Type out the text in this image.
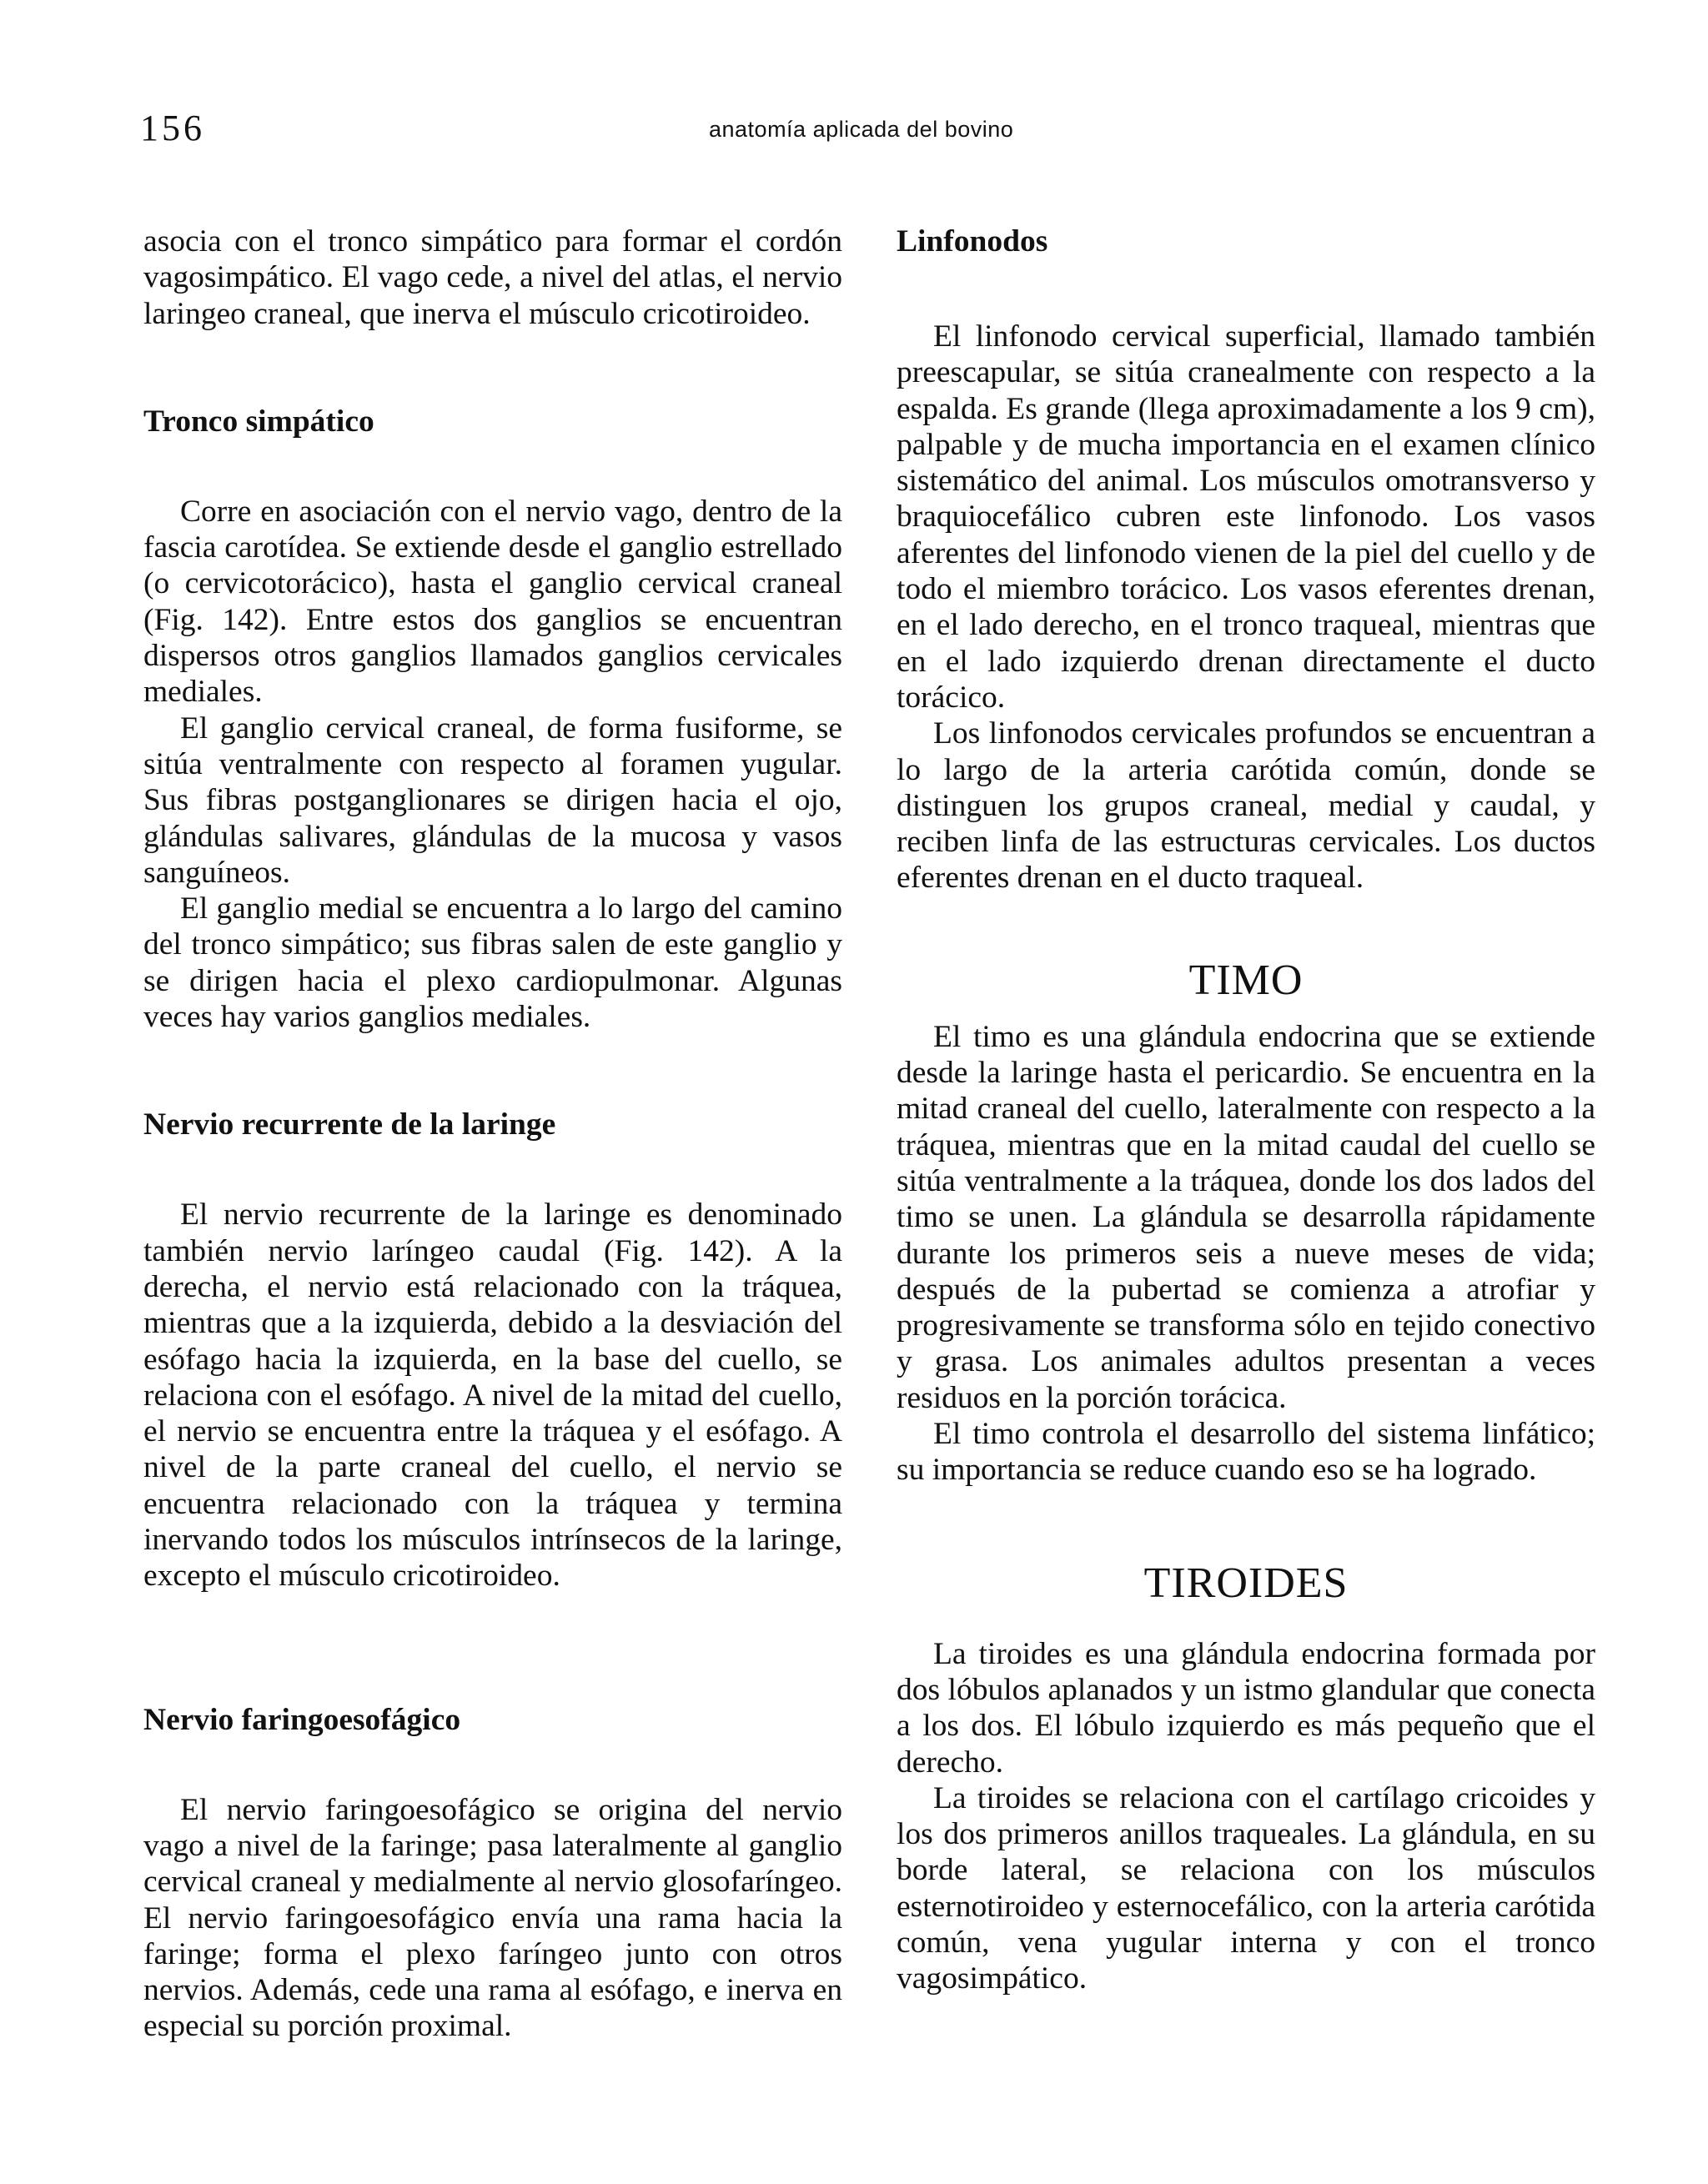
156	anatomía aplicada del bovino

asocia con el tronco simpático para formar el cordón vagosimpático. El vago cede, a nivel del atlas, el nervio laringeo craneal, que inerva el músculo cricotiroideo.

Tronco simpático

Corre en asociación con el nervio vago, dentro de la fascia carotídea. Se extiende desde el ganglio estrellado (o cervicotorácico), hasta el ganglio cervical craneal (Fig. 142). Entre estos dos ganglios se encuentran dispersos otros ganglios llamados ganglios cervicales mediales.

El ganglio cervical craneal, de forma fusiforme, se sitúa ventralmente con respecto al foramen yugular. Sus fibras postganglionares se dirigen hacia el ojo, glándulas salivares, glándulas de la mucosa y vasos sanguíneos.

El ganglio medial se encuentra a lo largo del camino del tronco simpático; sus fibras salen de este ganglio y se dirigen hacia el plexo cardiopulmonar. Algunas veces hay varios ganglios mediales.

Nervio recurrente de la laringe

El nervio recurrente de la laringe es denominado también nervio laríngeo caudal (Fig. 142). A la derecha, el nervio está relacionado con la tráquea, mientras que a la izquierda, debido a la desviación del esófago hacia la izquierda, en la base del cuello, se relaciona con el esófago. A nivel de la mitad del cuello, el nervio se encuentra entre la tráquea y el esófago. A nivel de la parte craneal del cuello, el nervio se encuentra relacionado con la tráquea y termina inervando todos los músculos intrínsecos de la laringe, excepto el músculo cricotiroideo.

Nervio faringoesofágico

El nervio faringoesofágico se origina del nervio vago a nivel de la faringe; pasa lateralmente al ganglio cervical craneal y medialmente al nervio glosofaríngeo. El nervio faringoesofágico envía una rama hacia la faringe; forma el plexo faríngeo junto con otros nervios. Además, cede una rama al esófago, e inerva en especial su porción proximal.

Linfonodos

El linfonodo cervical superficial, llamado también preescapular, se sitúa cranealmente con respecto a la espalda. Es grande (llega aproximadamente a los 9 cm), palpable y de mucha importancia en el examen clínico sistemático del animal. Los músculos omotransverso y braquiocefálico cubren este linfonodo. Los vasos aferentes del linfonodo vienen de la piel del cuello y de todo el miembro torácico. Los vasos eferentes drenan, en el lado derecho, en el tronco traqueal, mientras que en el lado izquierdo drenan directamente el ducto torácico.

Los linfonodos cervicales profundos se encuentran a lo largo de la arteria carótida común, donde se distinguen los grupos craneal, medial y caudal, y reciben linfa de las estructuras cervicales. Los ductos eferentes drenan en el ducto traqueal.

TIMO

El timo es una glándula endocrina que se extiende desde la laringe hasta el pericardio. Se encuentra en la mitad craneal del cuello, lateralmente con respecto a la tráquea, mientras que en la mitad caudal del cuello se sitúa ventralmente a la tráquea, donde los dos lados del timo se unen. La glándula se desarrolla rápidamente durante los primeros seis a nueve meses de vida; después de la pubertad se comienza a atrofiar y progresivamente se transforma sólo en tejido conectivo y grasa. Los animales adultos presentan a veces residuos en la porción torácica.

El timo controla el desarrollo del sistema linfático; su importancia se reduce cuando eso se ha logrado.

TIROIDES

La tiroides es una glándula endocrina formada por dos lóbulos aplanados y un istmo glandular que conecta a los dos. El lóbulo izquierdo es más pequeño que el derecho.

La tiroides se relaciona con el cartílago cricoides y los dos primeros anillos traqueales. La glándula, en su borde lateral, se relaciona con los músculos esternotiroideo y esternocefálico, con la arteria carótida común, vena yugular interna y con el tronco vagosimpático.
